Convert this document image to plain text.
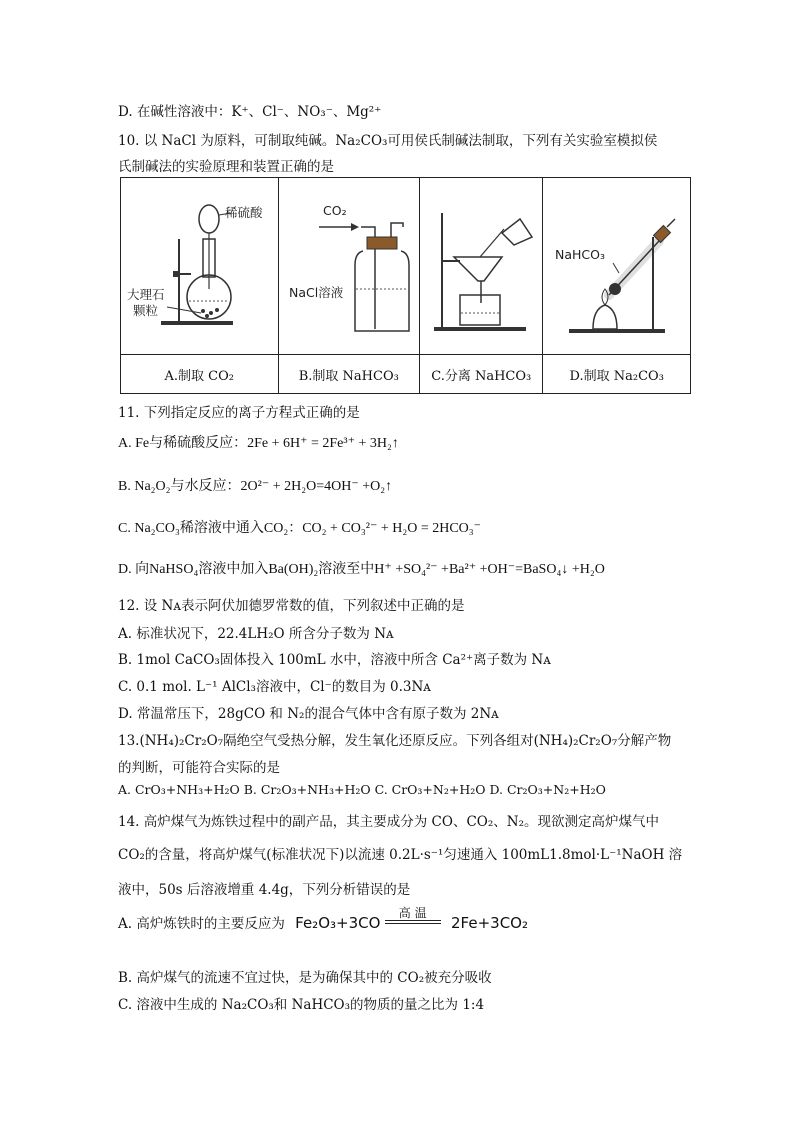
D. 在碱性溶液中：K⁺、Cl⁻、NO₃⁻、Mg²⁺
10. 以 NaCl 为原料，可制取纯碱。Na₂CO₃可用侯氏制碱法制取，下列有关实验室模拟侯
氏制碱法的实验原理和装置正确的是
稀硫酸
大理石
颗粒	CO₂
NaCl溶液		NaHCO₃

A.制取 CO₂	B.制取 NaHCO₃	C.分离 NaHCO₃	D.制取 Na₂CO₃
11. 下列指定反应的离子方程式正确的是
A. Fe与稀硫酸反应：2Fe + 6H⁺ = 2Fe³⁺ + 3H₂↑
B. Na₂O₂与水反应：2O²⁻ + 2H₂O=4OH⁻ +O₂↑
C. Na₂CO₃稀溶液中通入CO₂：CO₂ + CO₃²⁻ + H₂O = 2HCO₃⁻
D. 向NaHSO₄溶液中加入Ba(OH)₂溶液至中H⁺ +SO₄²⁻ +Ba²⁺ +OH⁻=BaSO₄↓ +H₂O
12. 设 Nᴀ表示阿伏加德罗常数的值，下列叙述中正确的是
A. 标准状况下，22.4LH₂O 所含分子数为 Nᴀ
B. 1mol CaCO₃固体投入 100mL 水中，溶液中所含 Ca²⁺离子数为 Nᴀ
C. 0.1 mol. L⁻¹ AlCl₃溶液中，Cl⁻的数目为 0.3Nᴀ
D. 常温常压下，28gCO 和 N₂的混合气体中含有原子数为 2Nᴀ
13.(NH₄)₂Cr₂O₇隔绝空气受热分解，发生氧化还原反应。下列各组对(NH₄)₂Cr₂O₇分解产物
的判断，可能符合实际的是
A. CrO₃+NH₃+H₂O B. Cr₂O₃+NH₃+H₂O C. CrO₃+N₂+H₂O D. Cr₂O₃+N₂+H₂O
14. 高炉煤气为炼铁过程中的副产品，其主要成分为 CO、CO₂、N₂。现欲测定高炉煤气中
CO₂的含量，将高炉煤气(标准状况下)以流速 0.2L·s⁻¹匀速通入 100mL1.8mol·L⁻¹NaOH 溶
液中，50s 后溶液增重 4.4g，下列分析错误的是
A. 高炉炼铁时的主要反应为 Fe₂O₃+3CO 高 温
2Fe+3CO₂
B. 高炉煤气的流速不宜过快，是为确保其中的 CO₂被充分吸收
C. 溶液中生成的 Na₂CO₃和 NaHCO₃的物质的量之比为 1:4
